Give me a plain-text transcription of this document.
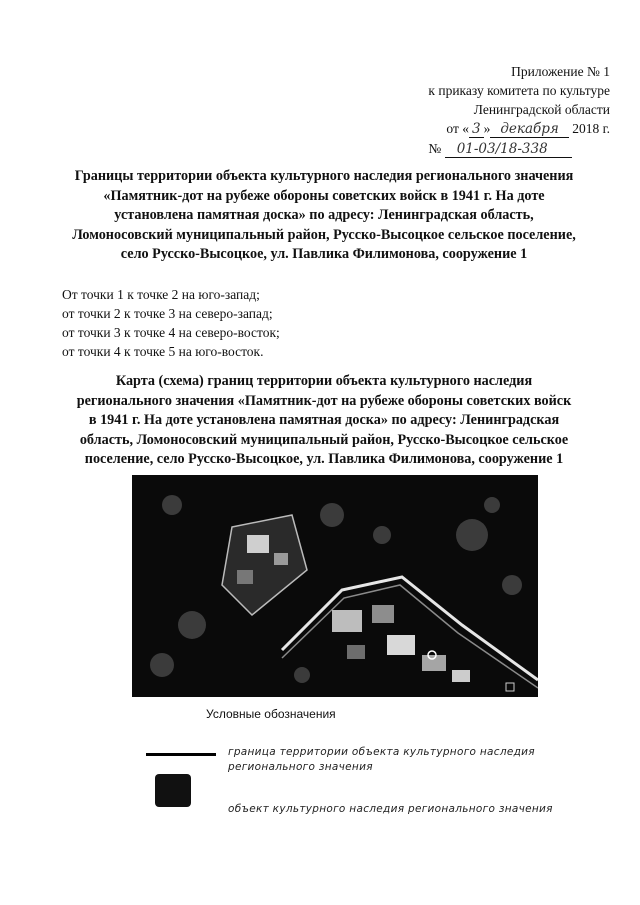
Приложение № 1
к приказу комитета по культуре
Ленинградской области
от « 3 » декабря 2018 г.
№ 01-03/18-338
Границы территории объекта культурного наследия регионального значения
«Памятник-дот на рубеже обороны советских войск в 1941 г. На доте
установлена памятная доска» по адресу: Ленинградская область,
Ломоносовский муниципальный район, Русско-Высоцкое сельское поселение,
село Русско-Высоцкое, ул. Павлика Филимонова, сооружение 1
От точки 1 к точке 2 на юго-запад;
от точки 2 к точке 3 на северо-запад;
от точки 3 к точке 4 на северо-восток;
от точки 4 к точке 5 на юго-восток.
Карта (схема) границ территории объекта культурного наследия
регионального значения «Памятник-дот на рубеже обороны советских войск
в 1941 г. На доте установлена памятная доска» по адресу: Ленинградская
область, Ломоносовский муниципальный район, Русско-Высоцкое сельское
поселение, село Русско-Высоцкое, ул. Павлика Филимонова, сооружение 1
Условные обозначения
граница территории объекта культурного наследия
регионального значения
объект культурного наследия регионального значения
